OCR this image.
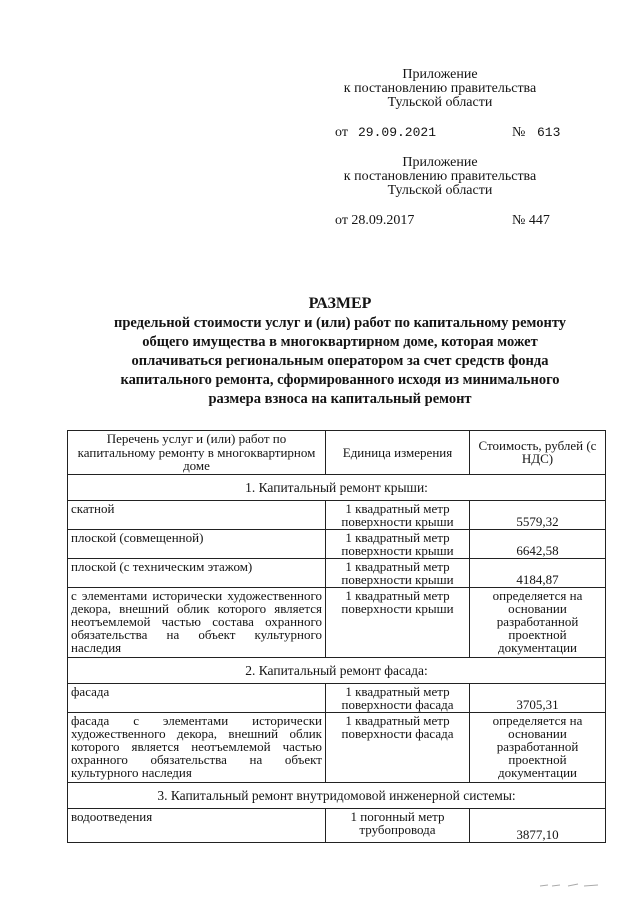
Приложение
к постановлению правительства
Тульской области
от 29.09.2021	№ 613
Приложение
к постановлению правительства
Тульской области
от 28.09.2017	№ 447
РАЗМЕР
предельной стоимости услуг и (или) работ по капитальному ремонту
общего имущества в многоквартирном доме, которая может
оплачиваться региональным оператором за счет средств фонда
капитального ремонта, сформированного исходя из минимального
размера взноса на капитальный ремонт
Перечень услуг и (или) работ по капитальному ремонту в многоквартирном доме	Единица измерения	Стоимость, рублей (с НДС)
1. Капитальный ремонт крыши:		
скатной	1 квадратный метр поверхности крыши	5579,32
плоской (совмещенной)	1 квадратный метр поверхности крыши	6642,58
плоской (с техническим этажом)	1 квадратный метр поверхности крыши	4184,87
с элементами исторически художественного декора, внешний облик которого является неотъемлемой частью состава охранного обязательства на объект культурного наследия	1 квадратный метр поверхности крыши	определяется на основании разработанной проектной документации
2. Капитальный ремонт фасада:		
фасада	1 квадратный метр поверхности фасада	3705,31
фасада с элементами исторически художественного декора, внешний облик которого является неотъемлемой частью охранного обязательства на объект культурного наследия	1 квадратный метр поверхности фасада	определяется на основании разработанной проектной документации
3. Капитальный ремонт внутридомовой инженерной системы:		
водоотведения	1 погонный метр трубопровода	3877,10
